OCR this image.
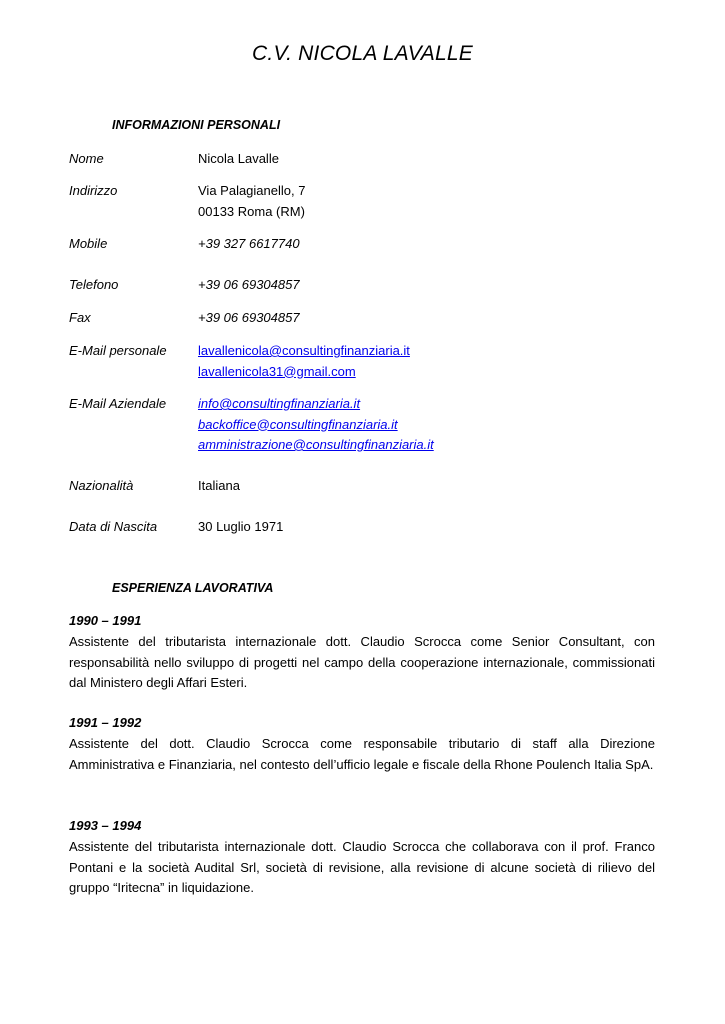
C.V. NICOLA LAVALLE
INFORMAZIONI PERSONALI
Nome	Nicola Lavalle
Indirizzo	Via Palagianello, 7
00133 Roma (RM)
Mobile	+39 327 6617740
Telefono	+39 06 69304857
Fax	+39 06 69304857
E-Mail personale	lavallenicola@consultingfinanziaria.it
lavallenicola31@gmail.com
E-Mail Aziendale	info@consultingfinanziaria.it
backoffice@consultingfinanziaria.it
amministrazione@consultingfinanziaria.it
Nazionalità	Italiana
Data di Nascita	30 Luglio 1971
ESPERIENZA LAVORATIVA
1990 – 1991
Assistente del tributarista internazionale dott. Claudio Scrocca come Senior Consultant, con responsabilità nello sviluppo di progetti nel campo della cooperazione internazionale, commissionati dal Ministero degli Affari Esteri.
1991 – 1992
Assistente del dott. Claudio Scrocca come responsabile tributario di staff alla Direzione Amministrativa e Finanziaria, nel contesto dell’ufficio legale e fiscale della Rhone Poulench Italia SpA.
1993 – 1994
Assistente del tributarista internazionale dott. Claudio Scrocca che collaborava con il prof. Franco Pontani e la società Audital Srl, società di revisione, alla revisione di alcune società di rilievo del gruppo “Iritecna” in liquidazione.
